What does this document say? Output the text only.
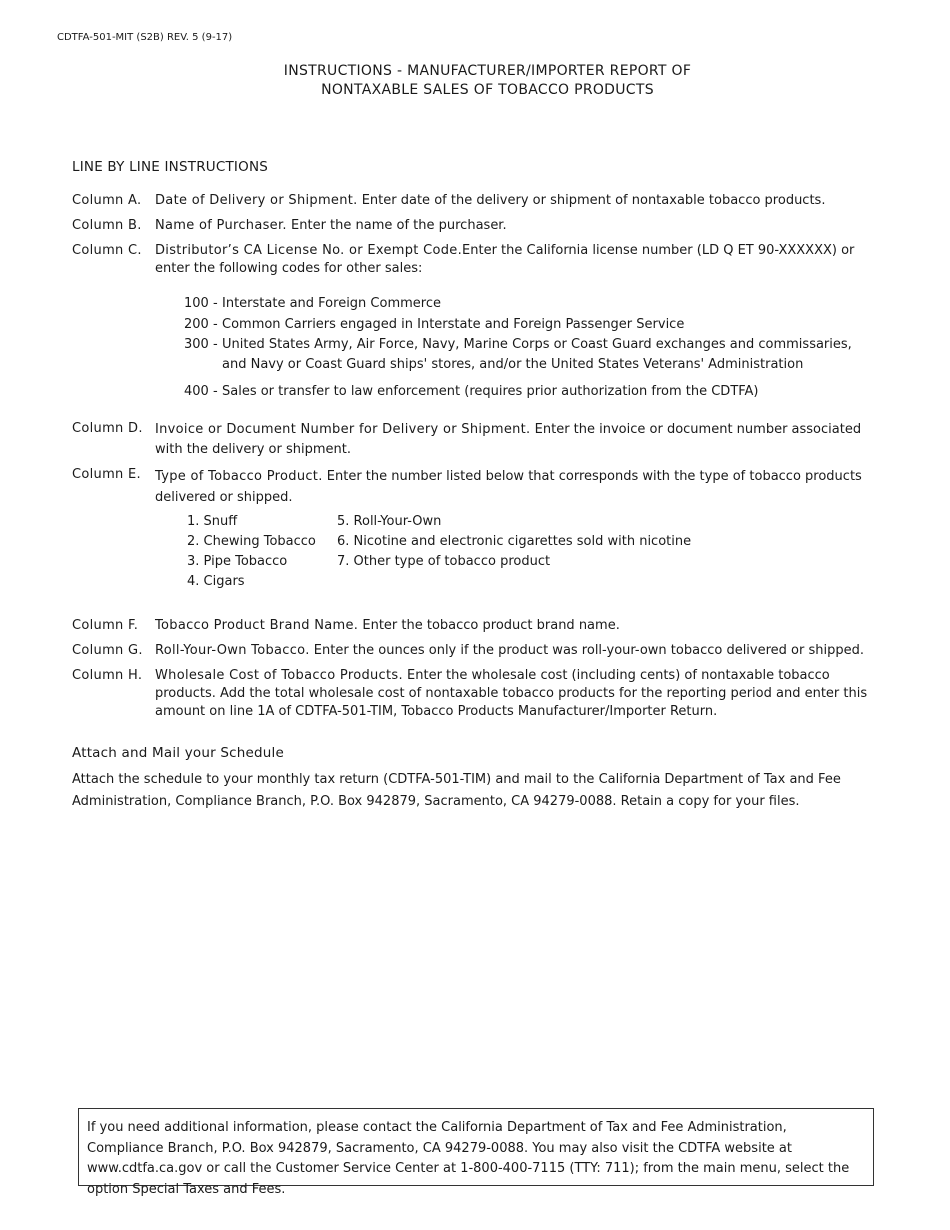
CDTFA-501-MIT (S2B) REV. 5 (9-17)
INSTRUCTIONS - MANUFACTURER/IMPORTER REPORT OF
NONTAXABLE SALES OF TOBACCO PRODUCTS
LINE BY LINE INSTRUCTIONS
Column A.	Date of Delivery or Shipment. Enter date of the delivery or shipment of nontaxable tobacco products.
Column B.	Name of Purchaser. Enter the name of the purchaser.
Column C.	Distributor’s CA License No. or Exempt Code.Enter the California license number (LD Q ET 90-XXXXXX) or enter the following codes for other sales:
100 - Interstate and Foreign Commerce
200 - Common Carriers engaged in Interstate and Foreign Passenger Service
300 - United States Army, Air Force, Navy, Marine Corps or Coast Guard exchanges and commissaries,
and Navy or Coast Guard ships' stores, and/or the United States Veterans' Administration
400 - Sales or transfer to law enforcement (requires prior authorization from the CDTFA)
Column D. Invoice or Document Number for Delivery or Shipment. Enter the invoice or document number associated with the delivery or shipment.
Column E.	Type of Tobacco Product. Enter the number listed below that corresponds with the type of tobacco products delivered or shipped.
1. Snuff
2. Chewing Tobacco
3. Pipe Tobacco
4. Cigars
5. Roll-Your-Own
6. Nicotine and electronic cigarettes sold with nicotine
7. Other type of tobacco product
Column F.	Tobacco Product Brand Name. Enter the tobacco product brand name.
Column G. Roll-Your-Own Tobacco. Enter the ounces only if the product was roll-your-own tobacco delivered or shipped.
Column H. Wholesale Cost of Tobacco Products. Enter the wholesale cost (including cents) of nontaxable tobacco products. Add the total wholesale cost of nontaxable tobacco products for the reporting period and enter this amount on line 1A of CDTFA-501-TIM, Tobacco Products Manufacturer/Importer Return.
Attach and Mail your Schedule
Attach the schedule to your monthly tax return (CDTFA-501-TIM) and mail to the California Department of Tax and Fee Administration, Compliance Branch, P.O. Box 942879, Sacramento, CA 94279-0088. Retain a copy for your files.
If you need additional information, please contact the California Department of Tax and Fee Administration, Compliance Branch, P.O. Box 942879, Sacramento, CA 94279-0088. You may also visit the CDTFA website at www.cdtfa.ca.gov or call the Customer Service Center at 1-800-400-7115 (TTY: 711); from the main menu, select the option Special Taxes and Fees.
